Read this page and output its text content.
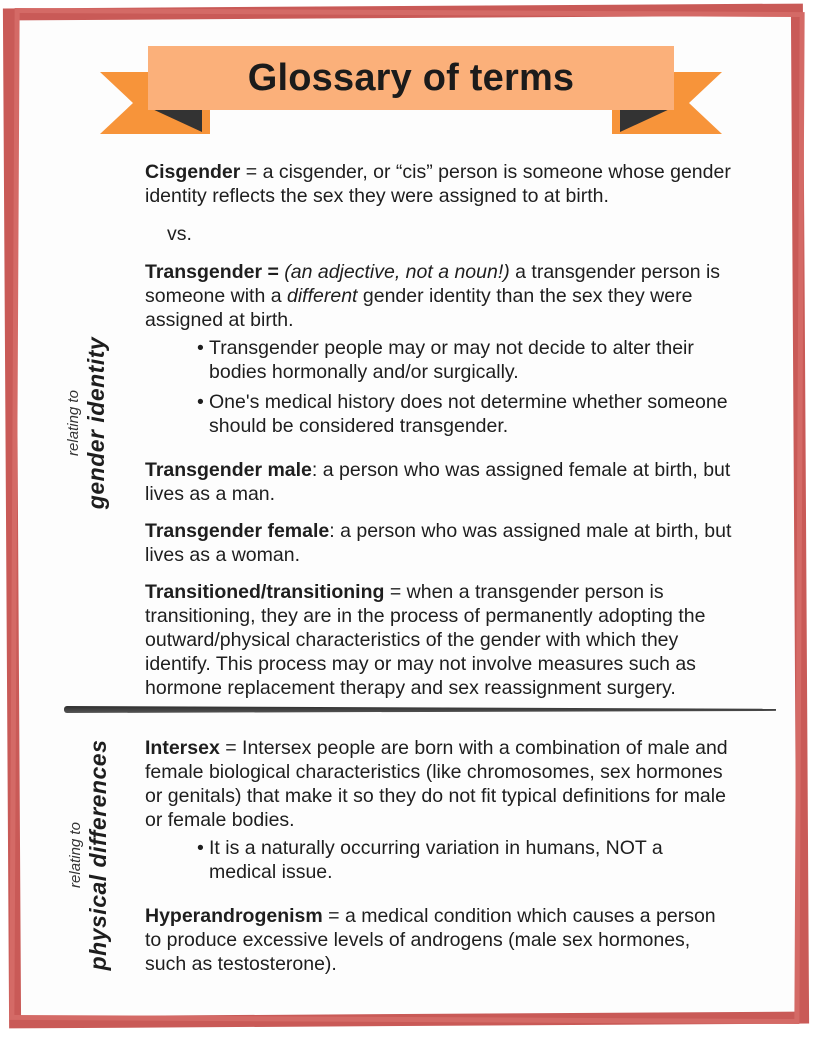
Glossary of terms
relating to gender identity
relating to physical differences

Cisgender = a cisgender, or “cis” person is someone whose gender identity reflects the sex they were assigned to at birth.

vs.

Transgender = (an adjective, not a noun!) a transgender person is someone with a different gender identity than the sex they were assigned at birth.

• Transgender people may or may not decide to alter their bodies hormonally and/or surgically.
• One's medical history does not determine whether someone should be considered transgender.

Transgender male: a person who was assigned female at birth, but lives as a man.

Transgender female: a person who was assigned male at birth, but lives as a woman.

Transitioned/transitioning = when a transgender person is transitioning, they are in the process of permanently adopting the outward/physical characteristics of the gender with which they identify. This process may or may not involve measures such as hormone replacement therapy and sex reassignment surgery.

Intersex = Intersex people are born with a combination of male and female biological characteristics (like chromosomes, sex hormones or genitals) that make it so they do not fit typical definitions for male or female bodies.

• It is a naturally occurring variation in humans, NOT a medical issue.

Hyperandrogenism = a medical condition which causes a person to produce excessive levels of androgens (male sex hormones, such as testosterone).
